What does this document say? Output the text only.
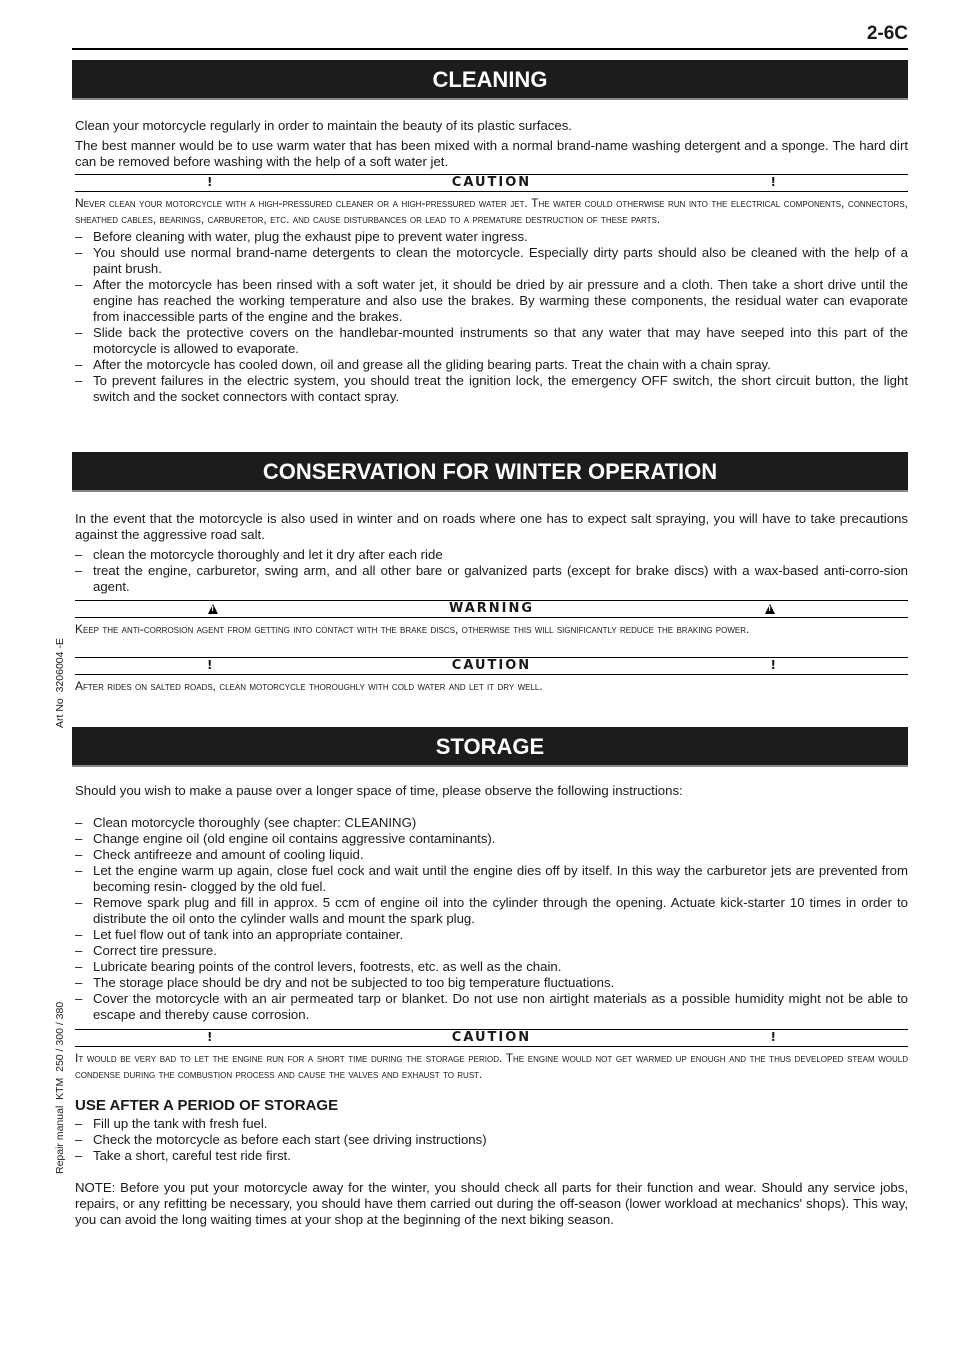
2-6C
Art No  3206004 -E
Repair manual  KTM  250 / 300 / 380
CLEANING

Clean your motorcycle regularly in order to maintain the beauty of its plastic surfaces.

The best manner would be to use warm water that has been mixed with a normal brand-name washing detergent and a sponge. The hard dirt can be removed before washing with the help of a soft water jet.

!	CAUTION	!
Never clean your motorcycle with a high-pressured cleaner or a high-pressured water jet. The water could otherwise run into the electrical components, connectors, sheathed cables, bearings, carburetor, etc. and cause disturbances or lead to a premature destruction of these parts.
– Before cleaning with water, plug the exhaust pipe to prevent water ingress.
– You should use normal brand-name detergents to clean the motorcycle. Especially dirty parts should also be cleaned with the help of a paint brush.
– After the motorcycle has been rinsed with a soft water jet, it should be dried by air pressure and a cloth. Then take a short drive until the engine has reached the working temperature and also use the brakes. By warming these components, the residual water can evaporate from inaccessible parts of the engine and the brakes.
– Slide back the protective covers on the handlebar-mounted instruments so that any water that may have seeped into this part of the motorcycle is allowed to evaporate.
– After the motorcycle has cooled down, oil and grease all the gliding bearing parts. Treat the chain with a chain spray.
– To prevent failures in the electric system, you should treat the ignition lock, the emergency OFF switch, the short circuit button, the light switch and the socket connectors with contact spray.
CONSERVATION FOR WINTER OPERATION

In the event that the motorcycle is also used in winter and on roads where one has to expect salt spraying, you will have to take precautions against the aggressive road salt.

– clean the motorcycle thoroughly and let it dry after each ride
– treat the engine, carburetor, swing arm, and all other bare or galvanized parts (except for brake discs) with a wax-based anti-corro-sion agent.
!
WARNING
!
Keep the anti-corrosion agent from getting into contact with the brake discs, otherwise this will significantly reduce the braking power.
!	CAUTION	!
After rides on salted roads, clean motorcycle thoroughly with cold water and let it dry well.
STORAGE

Should you wish to make a pause over a longer space of time, please observe the following instructions:

– Clean motorcycle thoroughly (see chapter: CLEANING)
– Change engine oil (old engine oil contains aggressive contaminants).
– Check antifreeze and amount of cooling liquid.
– Let the engine warm up again, close fuel cock and wait until the engine dies off by itself. In this way the carburetor jets are prevented from becoming resin- clogged by the old fuel.
– Remove spark plug and fill in approx. 5 ccm of engine oil into the cylinder through the opening. Actuate kick-starter 10 times in order to distribute the oil onto the cylinder walls and mount the spark plug.
– Let fuel flow out of tank into an appropriate container.
– Correct tire pressure.
– Lubricate bearing points of the control levers, footrests, etc. as well as the chain.
– The storage place should be dry and not be subjected to too big temperature fluctuations.
– Cover the motorcycle with an air permeated tarp or blanket. Do not use non airtight materials as a possible humidity might not be able to escape and thereby cause corrosion.
!	CAUTION	!
It would be very bad to let the engine run for a short time during the storage period. The engine would not get warmed up enough and the thus developed steam would condense during the combustion process and cause the valves and exhaust to rust.
USE AFTER A PERIOD OF STORAGE
– Fill up the tank with fresh fuel.
– Check the motorcycle as before each start (see driving instructions)
– Take a short, careful test ride first.

NOTE: Before you put your motorcycle away for the winter, you should check all parts for their function and wear. Should any service jobs, repairs, or any refitting be necessary, you should have them carried out during the off-season (lower workload at mechanics' shops). This way, you can avoid the long waiting times at your shop at the beginning of the next biking season.
